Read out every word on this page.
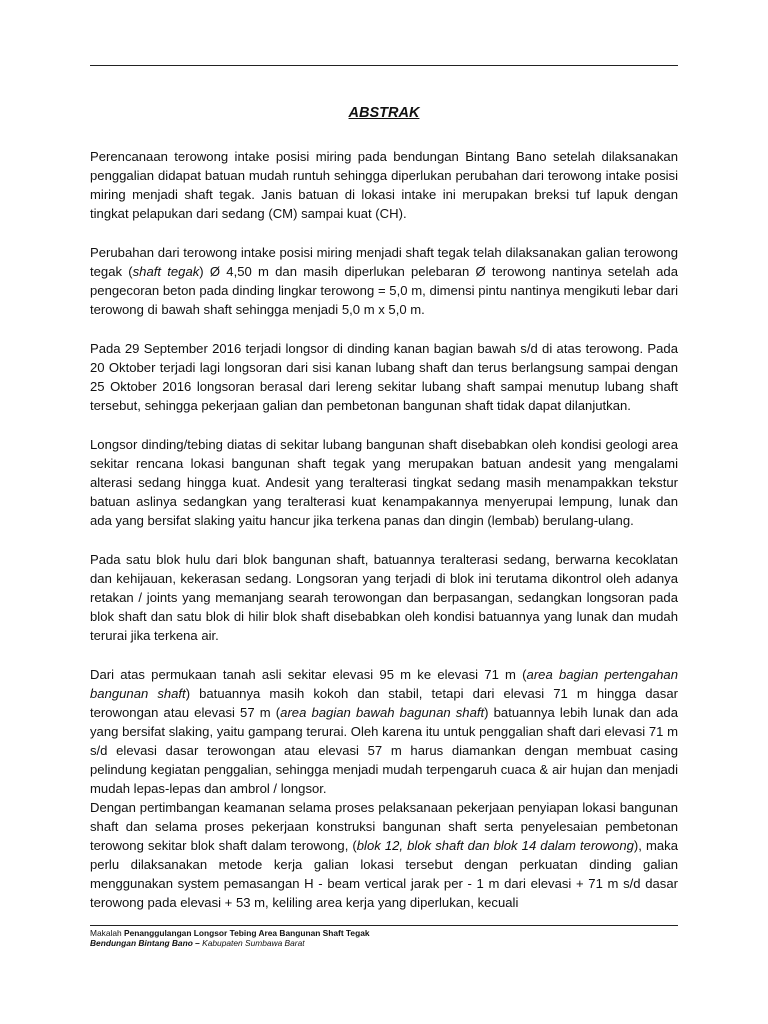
ABSTRAK

Perencanaan terowong intake posisi miring pada bendungan Bintang Bano setelah dilaksanakan penggalian didapat batuan mudah runtuh sehingga diperlukan perubahan dari terowong intake posisi miring menjadi shaft tegak. Janis batuan di lokasi intake ini merupakan breksi tuf lapuk dengan tingkat pelapukan dari sedang (CM) sampai kuat (CH).

Perubahan dari terowong intake posisi miring menjadi shaft tegak telah dilaksanakan galian terowong tegak (shaft tegak) Ø 4,50 m dan masih diperlukan pelebaran Ø terowong nantinya setelah ada pengecoran beton pada dinding lingkar terowong = 5,0 m, dimensi pintu nantinya mengikuti lebar dari terowong di bawah shaft sehingga menjadi 5,0 m x 5,0 m.

Pada 29 September 2016 terjadi longsor di dinding kanan bagian bawah s/d di atas terowong. Pada 20 Oktober terjadi lagi longsoran dari sisi kanan lubang shaft dan terus berlangsung sampai dengan 25 Oktober 2016 longsoran berasal dari lereng sekitar lubang shaft sampai menutup lubang shaft tersebut, sehingga pekerjaan galian dan pembetonan bangunan shaft tidak dapat dilanjutkan.

Longsor dinding/tebing diatas di sekitar lubang bangunan shaft disebabkan oleh kondisi geologi area sekitar rencana lokasi bangunan shaft tegak yang merupakan batuan andesit yang mengalami alterasi sedang hingga kuat. Andesit yang teralterasi tingkat sedang masih menampakkan tekstur batuan aslinya sedangkan yang teralterasi kuat kenampakannya menyerupai lempung, lunak dan ada yang bersifat slaking yaitu hancur jika terkena panas dan dingin (lembab) berulang-ulang.

Pada satu blok hulu dari blok bangunan shaft, batuannya teralterasi sedang, berwarna kecoklatan dan kehijauan, kekerasan sedang. Longsoran yang terjadi di blok ini terutama dikontrol oleh adanya retakan / joints yang memanjang searah terowongan dan berpasangan, sedangkan longsoran pada blok shaft dan satu blok di hilir blok shaft disebabkan oleh kondisi batuannya yang lunak dan mudah terurai jika terkena air.

Dari atas permukaan tanah asli sekitar elevasi 95 m ke elevasi 71 m (area bagian pertengahan bangunan shaft) batuannya masih kokoh dan stabil, tetapi dari elevasi 71 m hingga dasar terowongan atau elevasi 57 m (area bagian bawah bagunan shaft) batuannya lebih lunak dan ada yang bersifat slaking, yaitu gampang terurai. Oleh karena itu untuk penggalian shaft dari elevasi 71 m s/d elevasi dasar terowongan atau elevasi 57 m harus diamankan dengan membuat casing pelindung kegiatan penggalian, sehingga menjadi mudah terpengaruh cuaca & air hujan dan menjadi mudah lepas-lepas dan ambrol / longsor.

Dengan pertimbangan keamanan selama proses pelaksanaan pekerjaan penyiapan lokasi bangunan shaft dan selama proses pekerjaan konstruksi bangunan shaft serta penyelesaian pembetonan terowong sekitar blok shaft dalam terowong, (blok 12, blok shaft dan blok 14 dalam terowong), maka perlu dilaksanakan metode kerja galian lokasi tersebut dengan perkuatan dinding galian menggunakan system pemasangan H - beam vertical jarak per - 1 m dari elevasi + 71 m s/d dasar terowong pada elevasi + 53 m, keliling area kerja yang diperlukan, kecuali

Makalah Penanggulangan Longsor Tebing Area Bangunan Shaft Tegak
Bendungan Bintang Bano – Kabupaten Sumbawa Barat
